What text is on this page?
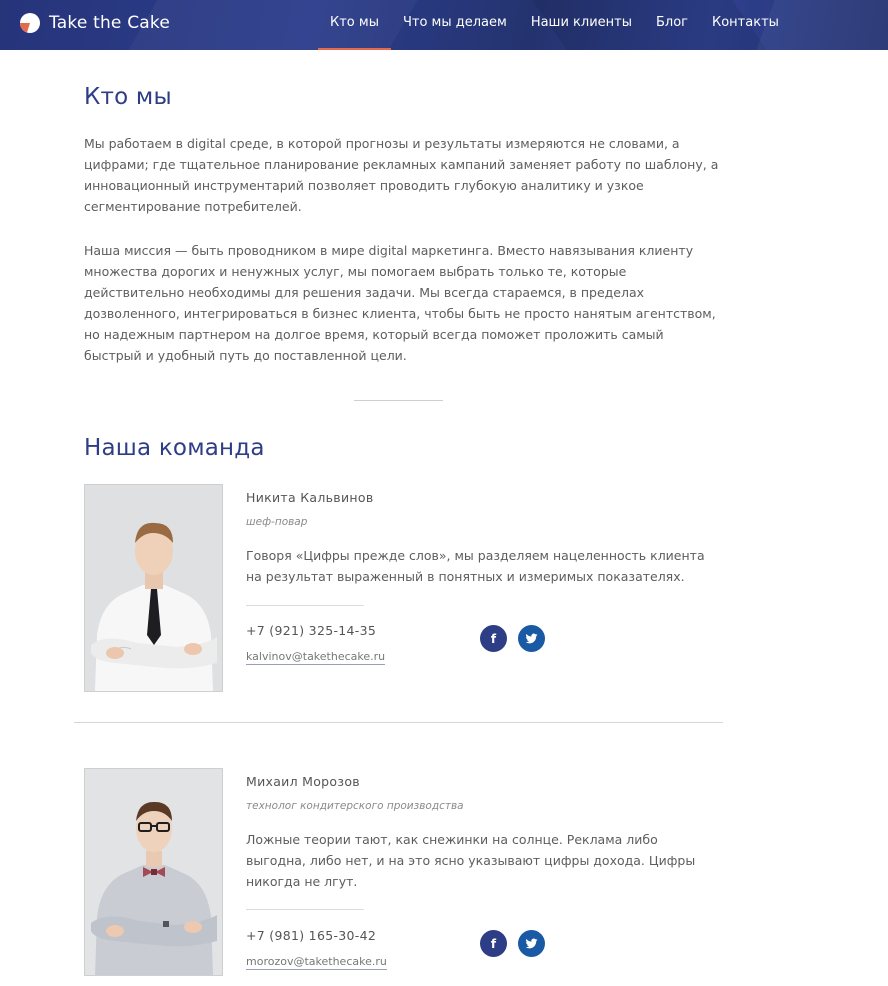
Take the Cake	Кто мы	Что мы делаем	Наши клиенты	Блог	Контакты
Кто мы

Мы работаем в digital среде, в которой прогнозы и результаты измеряются не словами, а цифрами; где тщательное планирование рекламных кампаний заменяет работу по шаблону, а инновационный инструментарий позволяет проводить глубокую аналитику и узкое сегментирование потребителей.

Наша миссия — быть проводником в мире digital маркетинга. Вместо навязывания клиенту множества дорогих и ненужных услуг, мы помогаем выбрать только те, которые действительно необходимы для решения задачи. Мы всегда стараемся, в пределах дозволенного, интегрироваться в бизнес клиента, чтобы быть не просто нанятым агентством, но надежным партнером на долгое время, который всегда поможет проложить самый быстрый и удобный путь до поставленной цели.

Наша команда
Никита Кальвинов
шеф-повар
Говоря «Цифры прежде слов», мы разделяем нацеленность клиента на результат выраженный в понятных и измеримых показателях.
+7 (921) 325-14-35
kalvinov@takethecake.ru
f
Михаил Морозов
технолог кондитерского производства
Ложные теории тают, как снежинки на солнце. Реклама либо выгодна, либо нет, и на это ясно указывают цифры дохода. Цифры никогда не лгут.
+7 (981) 165-30-42
morozov@takethecake.ru
f
